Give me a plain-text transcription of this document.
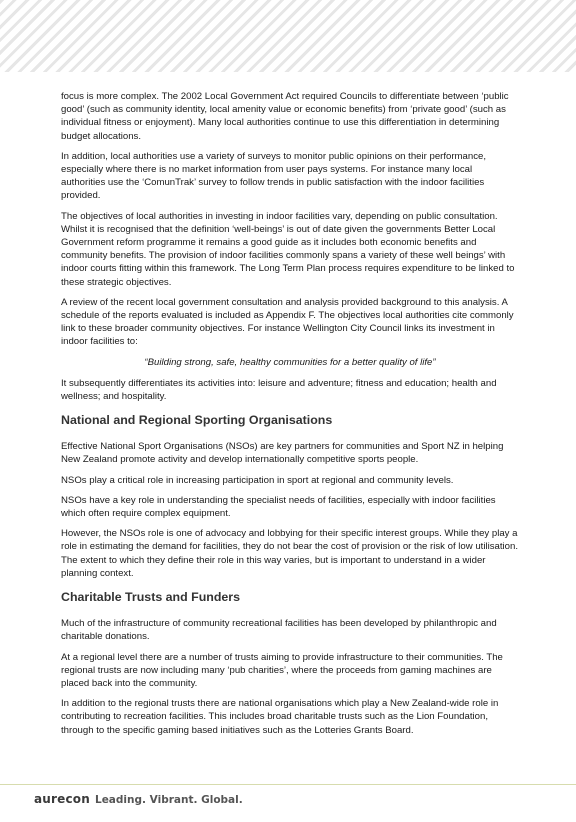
focus is more complex. The 2002 Local Government Act required Councils to differentiate between ‘public good’ (such as community identity, local amenity value or economic benefits) from ‘private good’ (such as individual fitness or enjoyment). Many local authorities continue to use this differentiation in determining budget allocations.

In addition, local authorities use a variety of surveys to monitor public opinions on their performance, especially where there is no market information from user pays systems. For instance many local authorities use the ‘ComunTrak’ survey to follow trends in public satisfaction with the indoor facilities provided.

The objectives of local authorities in investing in indoor facilities vary, depending on public consultation. Whilst it is recognised that the definition ‘well-beings’ is out of date given the governments Better Local Government reform programme it remains a good guide as it includes both economic benefits and community benefits. The provision of indoor facilities commonly spans a variety of these well beings’ with indoor courts fitting within this framework. The Long Term Plan process requires expenditure to be linked to these strategic objectives.

A review of the recent local government consultation and analysis provided background to this analysis. A schedule of the reports evaluated is included as Appendix F. The objectives local authorities cite commonly link to these broader community objectives. For instance Wellington City Council links its investment in indoor facilities to:

“Building strong, safe, healthy communities for a better quality of life”

It subsequently differentiates its activities into: leisure and adventure; fitness and education; health and wellness; and hospitality.

National and Regional Sporting Organisations

Effective National Sport Organisations (NSOs) are key partners for communities and Sport NZ in helping New Zealand promote activity and develop internationally competitive sports people.

NSOs play a critical role in increasing participation in sport at regional and community levels.

NSOs have a key role in understanding the specialist needs of facilities, especially with indoor facilities which often require complex equipment.

However, the NSOs role is one of advocacy and lobbying for their specific interest groups. While they play a role in estimating the demand for facilities, they do not bear the cost of provision or the risk of low utilisation. The extent to which they define their role in this way varies, but is important to understand in a wider planning context.

Charitable Trusts and Funders

Much of the infrastructure of community recreational facilities has been developed by philanthropic and charitable donations.

At a regional level there are a number of trusts aiming to provide infrastructure to their communities. The regional trusts are now including many ‘pub charities’, where the proceeds from gaming machines are placed back into the community.

In addition to the regional trusts there are national organisations which play a New Zealand-wide role in contributing to recreation facilities. This includes broad charitable trusts such as the Lion Foundation, through to the specific gaming based initiatives such as the Lotteries Grants Board.

aurecon Leading. Vibrant. Global.
